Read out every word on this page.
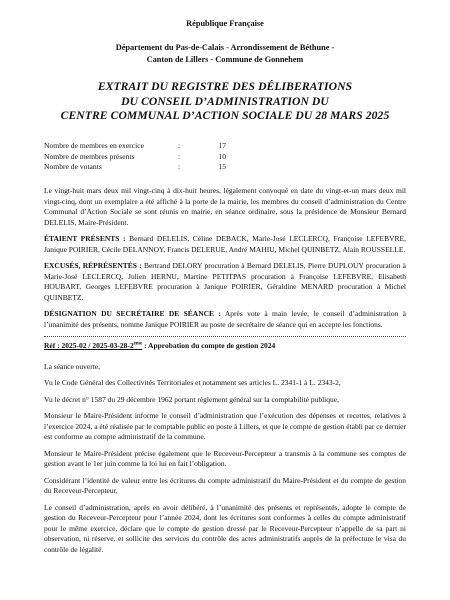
République Française
Département du Pas-de-Calais - Arrondissement de Béthune -
Canton de Lillers - Commune de Gonnehem
EXTRAIT DU REGISTRE DES DÉLIBERATIONS
DU CONSEIL D’ADMINISTRATION DU
CENTRE COMMUNAL D’ACTION SOCIALE DU 28 MARS 2025
Nombre de membres en exercice	:	17
Nombre de membres présents	:	10
Nombre de votants	:	15

Le vingt-huit mars deux mil vingt-cinq à dix-huit heures, légalement convoqué en date du vingt-et-un mars deux mil vingt-cinq, dont un exemplaire a été affiché à la porte de la mairie, les membres du conseil d’administration du Centre Communal d’Action Sociale se sont réunis en mairie, en séance ordinaire, sous la présidence de Monsieur Bernard DELELIS, Maire-Président.

ÉTAIENT PRÉSENTS : Bernard DELELIS, Céline DEBACK, Marie-José LECLERCQ, Françoise LEFEBVRE, Janique POIRIER, Cécile DELANNOY, Francis DELERUE, André MAHIU, Michel QUINBETZ, Alain ROUSSELLE.

EXCUSÉS, RÉPRÉSENTÉS : Bertrand DELORY procuration à Bernard DELELIS, Pierre DUPLOUY procuration à Marie-José LECLERCQ, Julien HERNU, Martine PETITPAS procuration à Françoise LEFEBVRE, Elisabeth HOUBART, Georges LEFEBVRE procuration à Janique POIRIER, Géraldine MENARD procuration à Michel QUINBETZ.

DÉSIGNATION DU SECRÉTAIRE DE SÉANCE : Après vote à main levée, le conseil d’administration à l’unanimité des présents, nomme Janique POIRIER au poste de secrétaire de séance qui en accepte les fonctions.

Réf : 2025-02 / 2025-03-28-2ème : Approbation du compte de gestion 2024

La séance ouverte,

Vu le Code Général des Collectivités Territoriales et notamment ses articles L. 2341-1 à L. 2343-2,

Vu le décret n° 1587 du 29 décembre 1962 portant règlement général sur la comptabilité publique,

Monsieur le Maire-Président informe le conseil d’administration que l’exécution des dépenses et recettes, relatives à l’exercice 2024, a été réalisée par le comptable public en poste à Lillers, et que le compte de gestion établi par ce dernier est conforme au compte administratif de la commune.

Monsieur le Maire-Président précise également que le Receveur-Percepteur a transmis à la commune ses comptes de gestion avant le 1er juin comme la loi lui en fait l’obligation.

Considérant l’identité de valeur entre les écritures du compte administratif du Maire-Président et du compte de gestion du Receveur-Percepteur,

Le conseil d’administration, après en avoir délibéré, à l’unanimité des présents et représentés, adopte le compte de gestion du Receveur-Percepteur pour l’année 2024, dont les écritures sont conformes à celles du compte administratif pour le même exercice, déclare que le compte de gestion dressé par le Receveur-Percepteur n’appelle de sa part ni observation, ni réserve, et sollicite des services du contrôle des actes administratifs auprès de la préfecture le visa du contrôle de légalité.
